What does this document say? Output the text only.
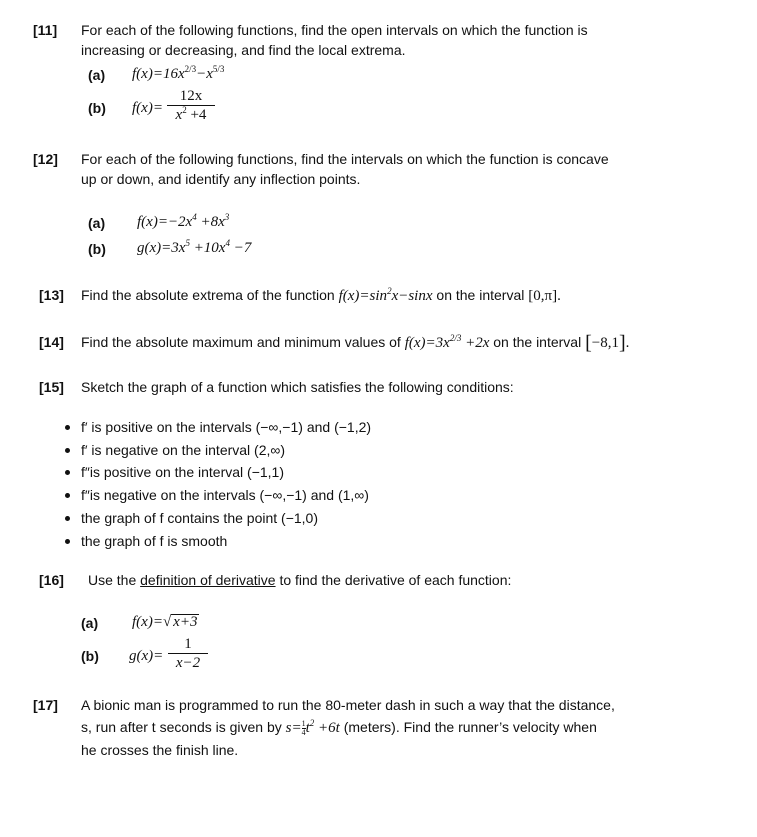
[11] For each of the following functions, find the open intervals on which the function is
increasing or decreasing, and find the local extrema.
(a) $f(x)=16x^{2/3}-x^{5/3}$
(b) f(x)=
12x
$x^2 +4$
[12] For each of the following functions, find the intervals on which the function is concave
up or down, and identify any inflection points.
(a) $f(x)=-2x^4 +8x^3$
(b) $g(x)=3x^5 +10x^4 -7$
[13] Find the absolute extrema of the function $f(x)=\sin^2x-\sin x$ on the interval [0,π].
[14] Find the absolute maximum and minimum values of $f(x)=3x^{2/3} +2x$ on the interval [−8,1].
[15] Sketch the graph of a function which satisfies the following conditions:
f′ is positive on the intervals (−∞,−1) and (−1,2)
f′ is negative on the interval (2,∞)
f″is positive on the interval (−1,1)
f″is negative on the intervals (−∞,−1) and (1,∞)
the graph of f contains the point (−1,0)
the graph of f is smooth
[16] Use the definition of derivative to find the derivative of each function:
(a) f(x)=√ x+3
(b) g(x)=
1
x−2
[17] A bionic man is programmed to run the 80-meter dash in such a way that the distance,
s, run after t seconds is given by $s= \frac{1}{4} t^2 +6t$ (meters). Find the runner’s velocity when
he crosses the finish line.
